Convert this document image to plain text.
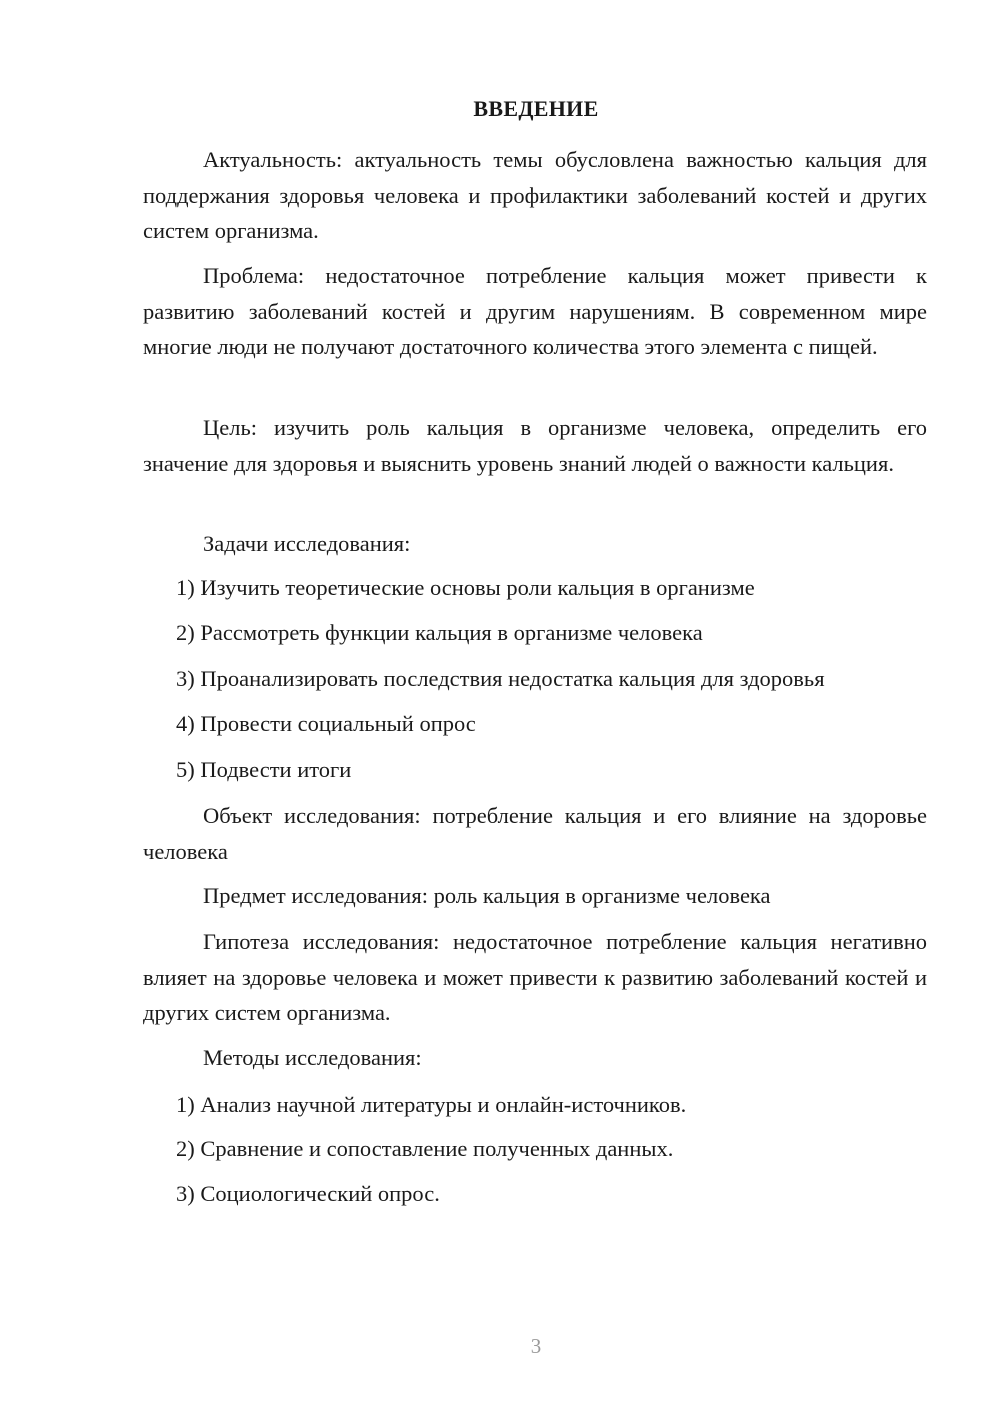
ВВЕДЕНИЕ
Актуальность: актуальность темы обусловлена важностью кальция для поддержания здоровья человека и профилактики заболеваний костей и других систем организма.
Проблема: недостаточное потребление кальция может привести к развитию заболеваний костей и другим нарушениям. В современном мире многие люди не получают достаточного количества этого элемента с пищей.
Цель: изучить роль кальция в организме человека, определить его значение для здоровья и выяснить уровень знаний людей о важности кальция.
Задачи исследования:
1) Изучить теоретические основы роли кальция в организме
2) Рассмотреть функции кальция в организме человека
3) Проанализировать последствия недостатка кальция для здоровья
4) Провести социальный опрос
5) Подвести итоги
Объект исследования: потребление кальция и его влияние на здоровье человека
Предмет исследования: роль кальция в организме человека
Гипотеза исследования: недостаточное потребление кальция негативно влияет на здоровье человека и может привести к развитию заболеваний костей и других систем организма.
Методы исследования:
1) Анализ научной литературы и онлайн-источников.
2) Сравнение и сопоставление полученных данных.
3) Социологический опрос.
3
